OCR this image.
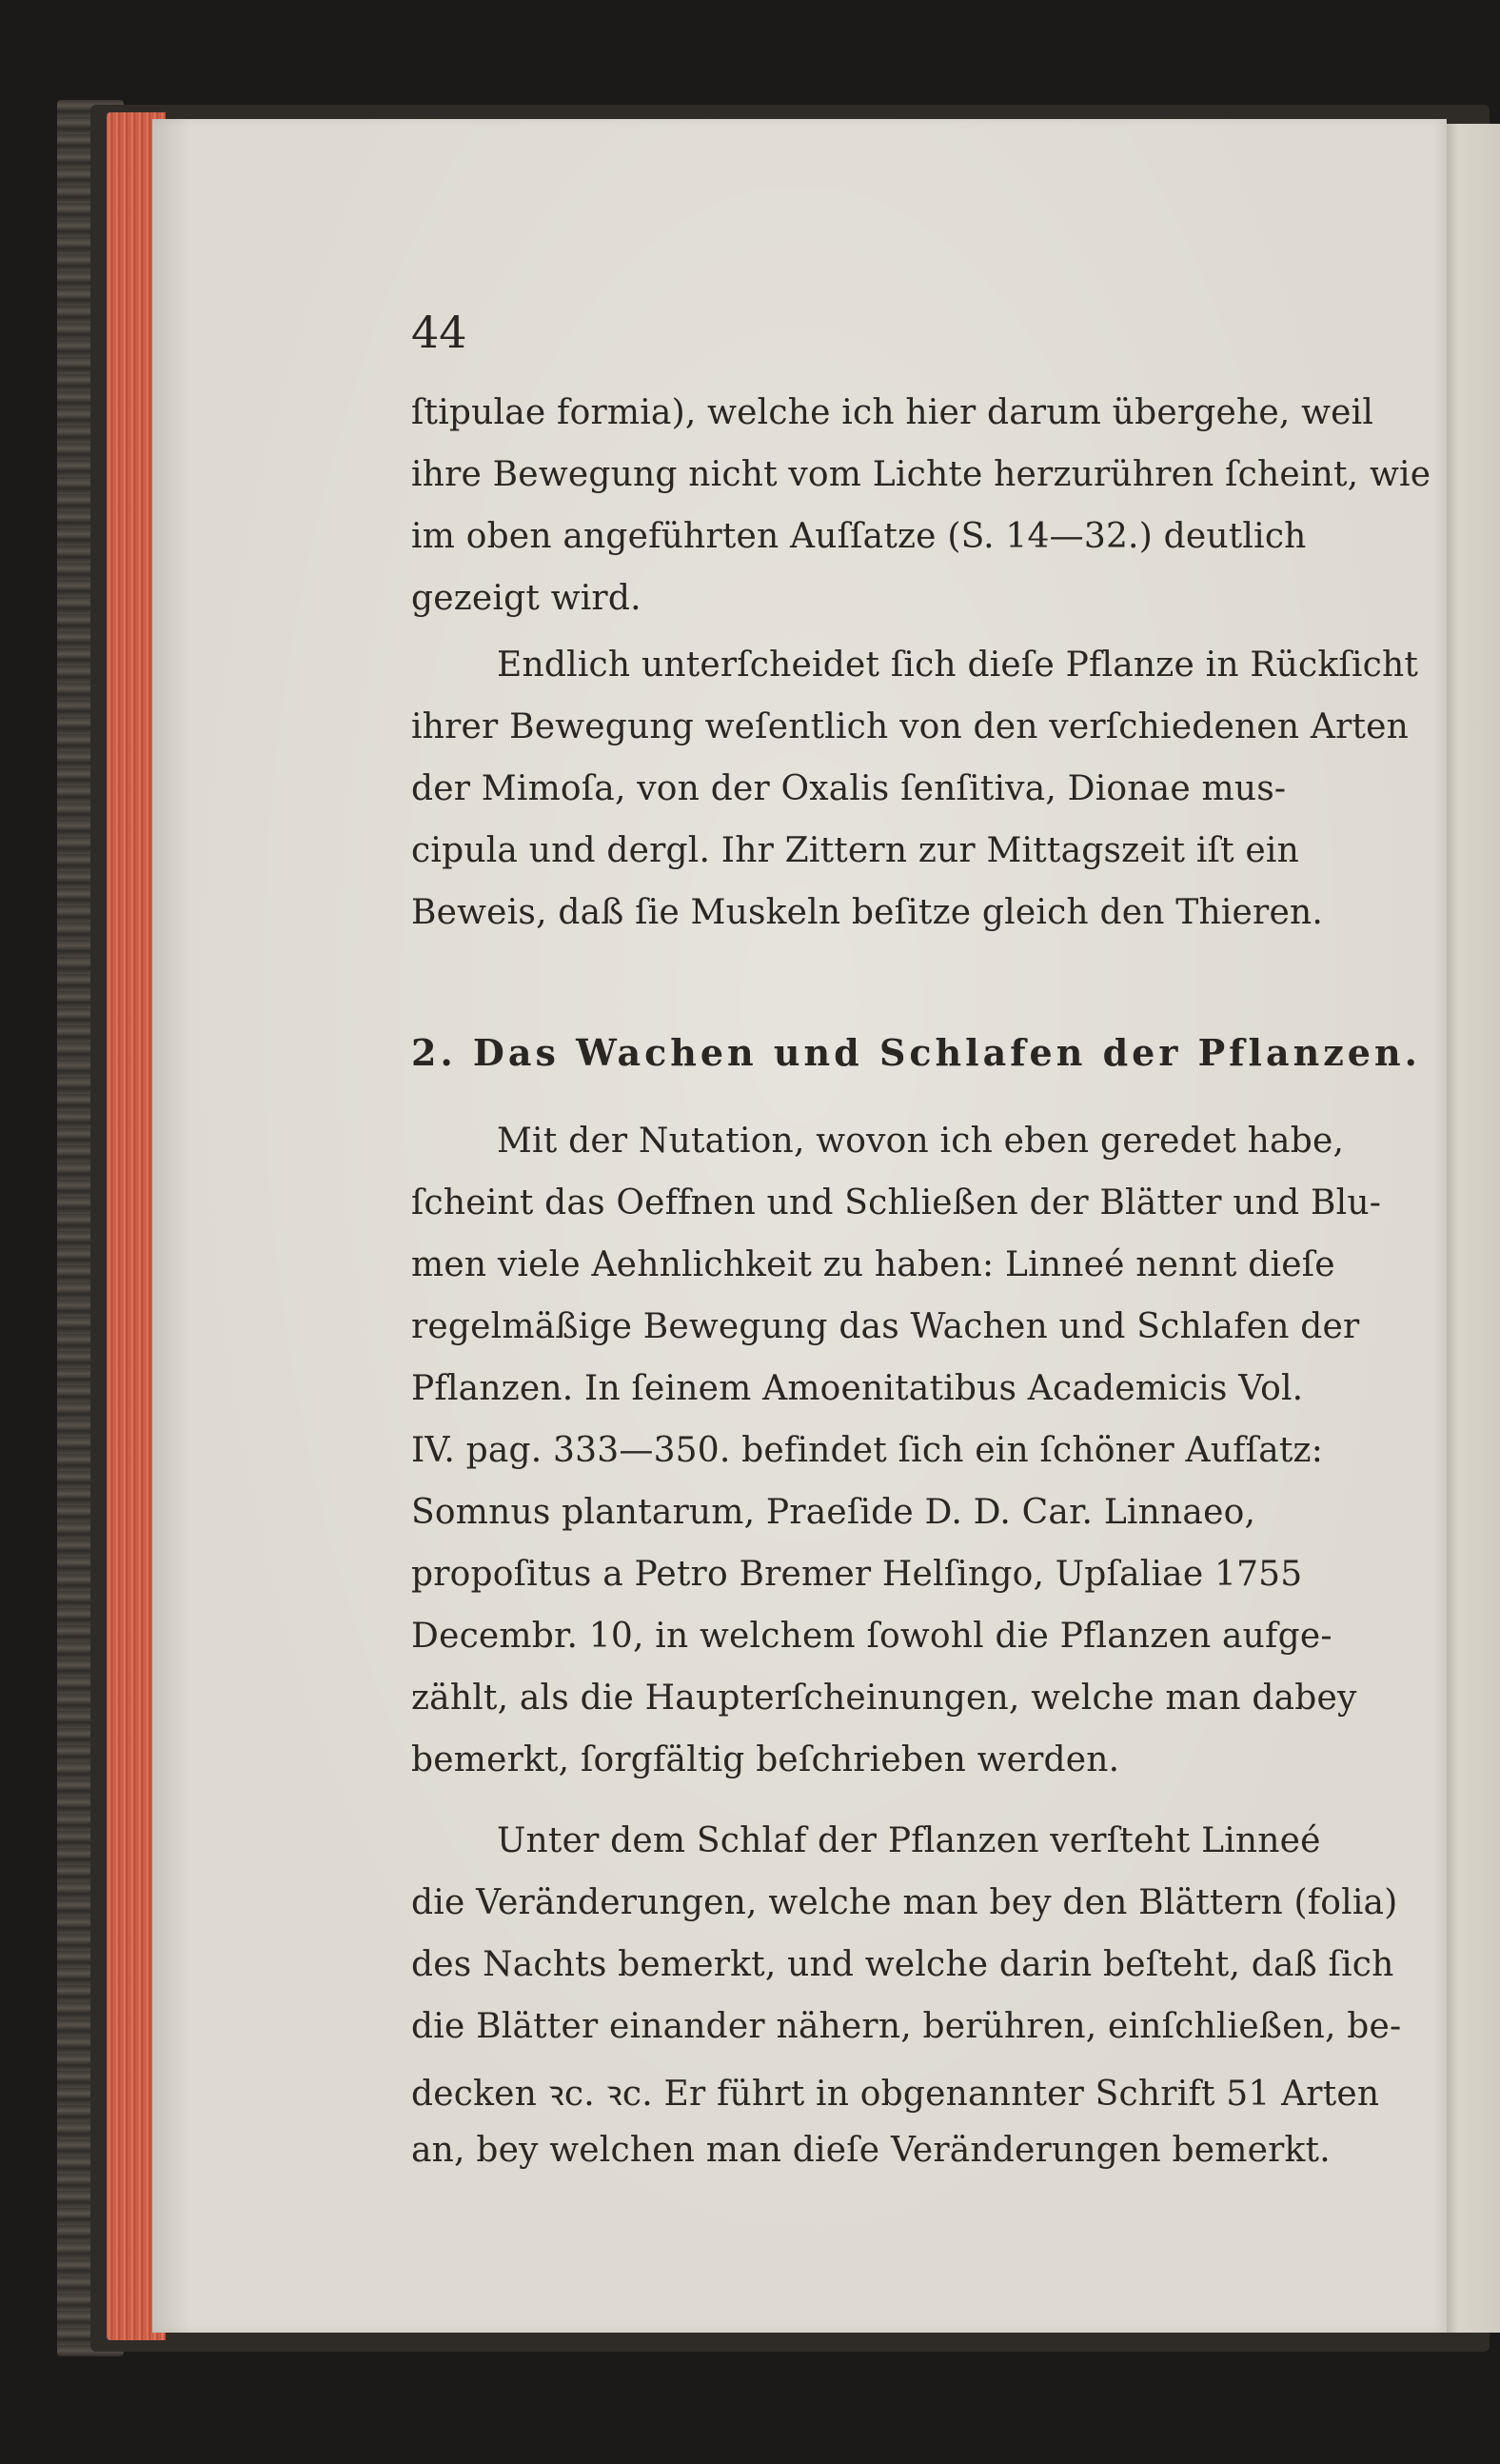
44
ſtipulae formia), welche ich hier darum übergehe, weil
ihre Bewegung nicht vom Lichte herzurühren ſcheint, wie
im oben angeführten Auſſatze (S. 14—32.) deutlich
gezeigt wird.
Endlich unterſcheidet ſich dieſe Pflanze in Rückſicht
ihrer Bewegung weſentlich von den verſchiedenen Arten
der Mimoſa, von der Oxalis ſenſitiva, Dionae mus-
cipula und dergl. Ihr Zittern zur Mittagszeit iſt ein
Beweis, daß ſie Muskeln beſitze gleich den Thieren.
2. Das Wachen und Schlafen der Pflanzen.
Mit der Nutation, wovon ich eben geredet habe,
ſcheint das Oeffnen und Schließen der Blätter und Blu-
men viele Aehnlichkeit zu haben: Linneé nennt dieſe
regelmäßige Bewegung das Wachen und Schlafen der
Pflanzen. In ſeinem Amoenitatibus Academicis Vol.
IV. pag. 333—350. befindet ſich ein ſchöner Aufſatz:
Somnus plantarum, Praeſide D. D. Car. Linnaeo,
propoſitus a Petro Bremer Helſingo, Upſaliae 1755
Decembr. 10, in welchem ſowohl die Pflanzen aufge-
zählt, als die Haupterſcheinungen, welche man dabey
bemerkt, ſorgfältig beſchrieben werden.
Unter dem Schlaf der Pflanzen verſteht Linneé
die Veränderungen, welche man bey den Blättern (folia)
des Nachts bemerkt, und welche darin beſteht, daß ſich
die Blätter einander nähern, berühren, einſchließen, be-
decken ꝛc. ꝛc. Er führt in obgenannter Schrift 51 Arten
an, bey welchen man dieſe Veränderungen bemerkt.
